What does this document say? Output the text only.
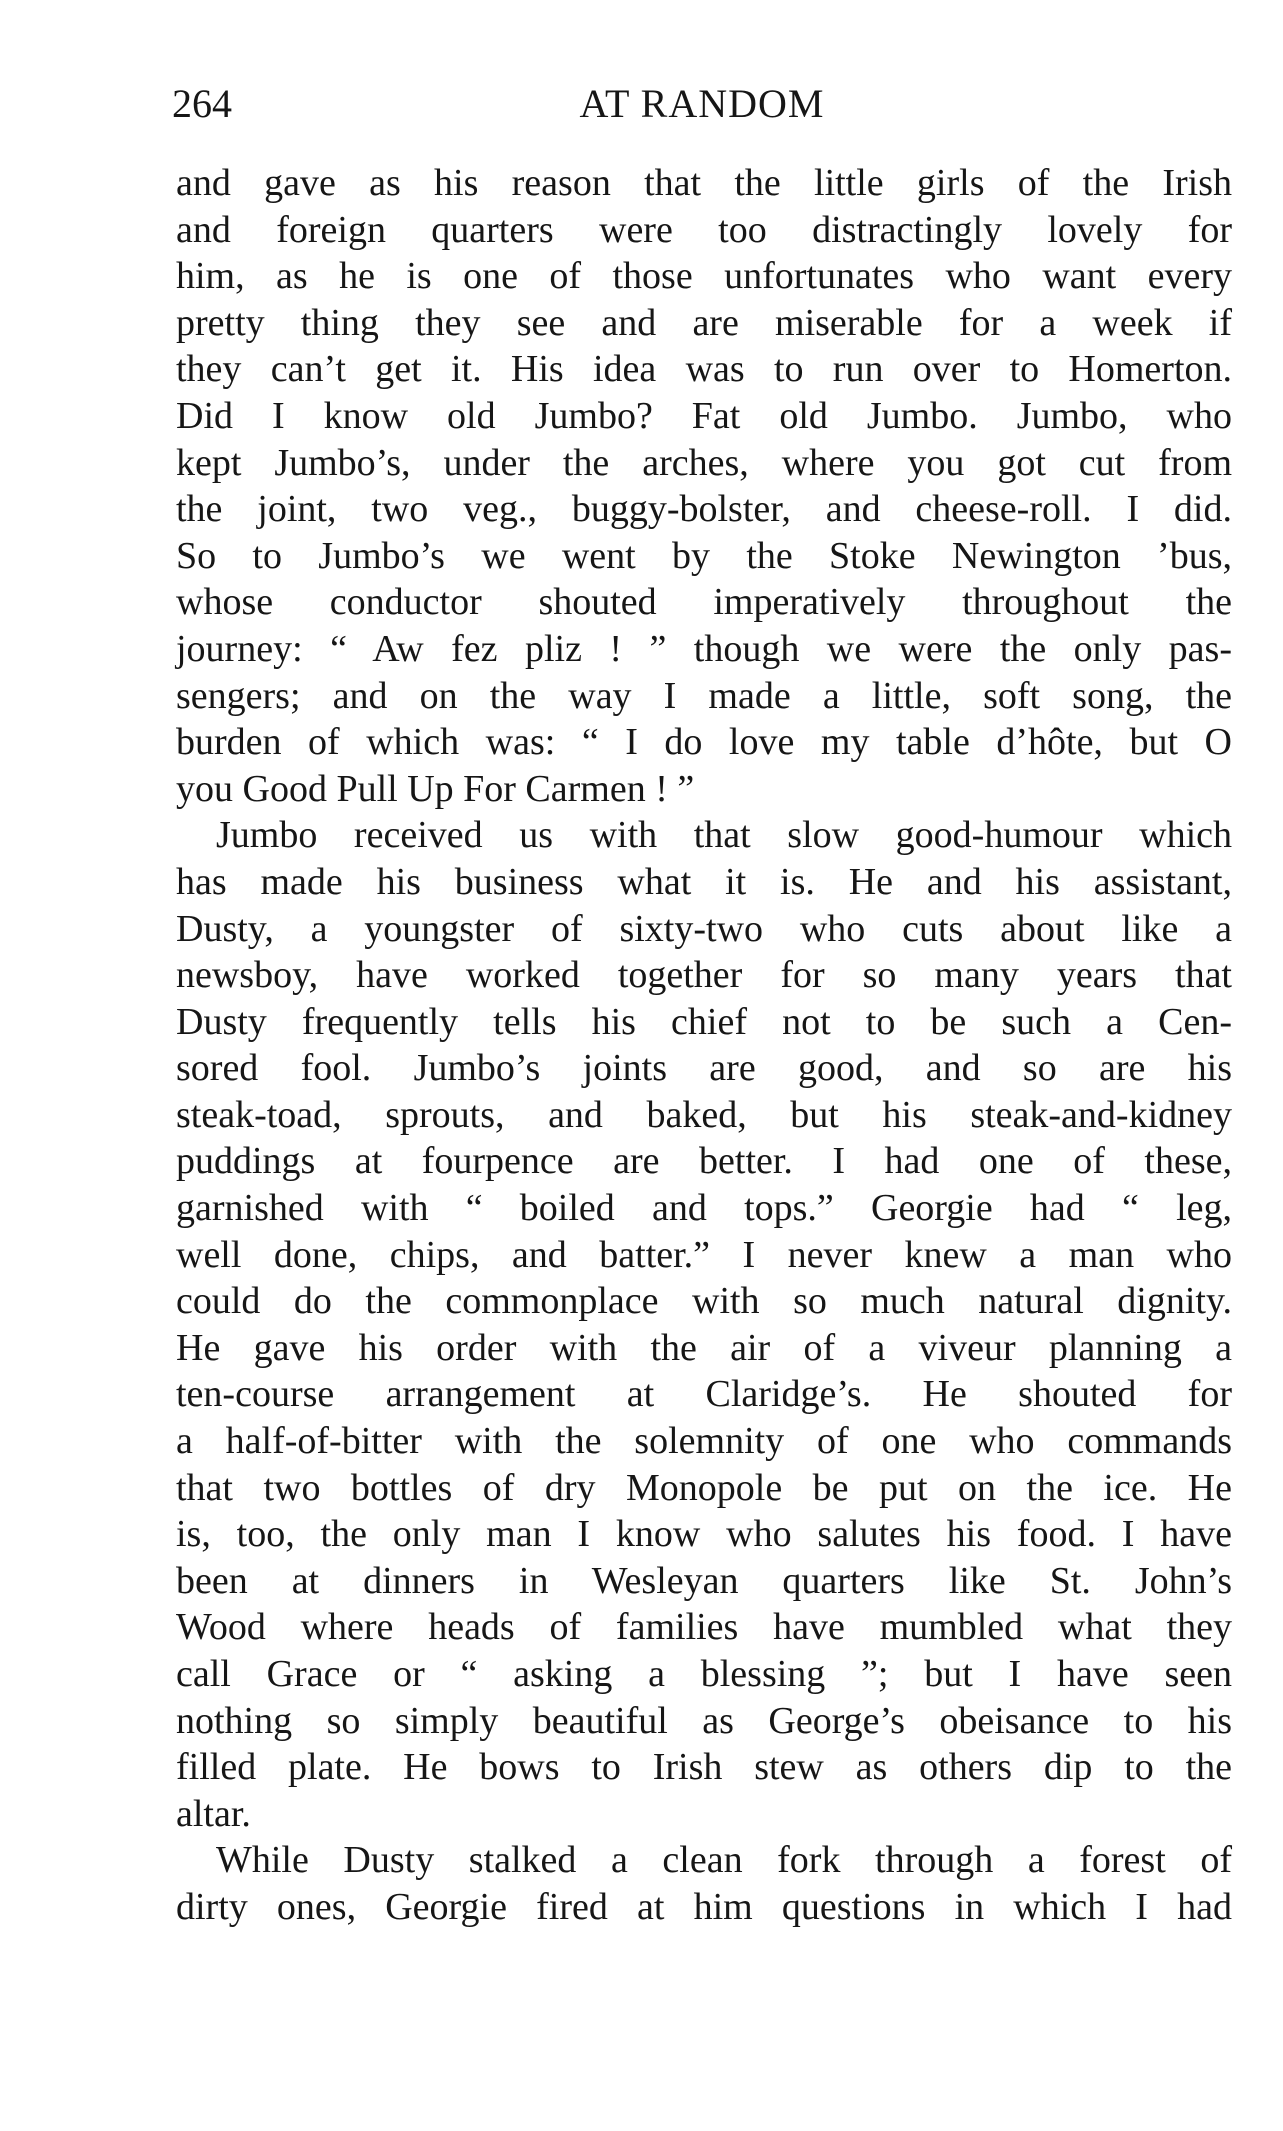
264	AT RANDOM
and gave as his reason that the little girls of the Irish
and foreign quarters were too distractingly lovely for
him, as he is one of those unfortunates who want every
pretty thing they see and are miserable for a week if
they can’t get it. His idea was to run over to Homerton.
Did I know old Jumbo? Fat old Jumbo. Jumbo, who
kept Jumbo’s, under the arches, where you got cut from
the joint, two veg., buggy-bolster, and cheese-roll. I did.
So to Jumbo’s we went by the Stoke Newington ’bus,
whose conductor shouted imperatively throughout the
journey: “ Aw fez pliz ! ” though we were the only pas-
sengers; and on the way I made a little, soft song, the
burden of which was: “ I do love my table d’hôte, but O
you Good Pull Up For Carmen ! ”
Jumbo received us with that slow good-humour which
has made his business what it is. He and his assistant,
Dusty, a youngster of sixty-two who cuts about like a
newsboy, have worked together for so many years that
Dusty frequently tells his chief not to be such a Cen-
sored fool. Jumbo’s joints are good, and so are his
steak-toad, sprouts, and baked, but his steak-and-kidney
puddings at fourpence are better. I had one of these,
garnished with “ boiled and tops.” Georgie had “ leg,
well done, chips, and batter.” I never knew a man who
could do the commonplace with so much natural dignity.
He gave his order with the air of a viveur planning a
ten-course arrangement at Claridge’s. He shouted for
a half-of-bitter with the solemnity of one who commands
that two bottles of dry Monopole be put on the ice. He
is, too, the only man I know who salutes his food. I have
been at dinners in Wesleyan quarters like St. John’s
Wood where heads of families have mumbled what they
call Grace or “ asking a blessing ”; but I have seen
nothing so simply beautiful as George’s obeisance to his
filled plate. He bows to Irish stew as others dip to the
altar.
While Dusty stalked a clean fork through a forest of
dirty ones, Georgie fired at him questions in which I had
